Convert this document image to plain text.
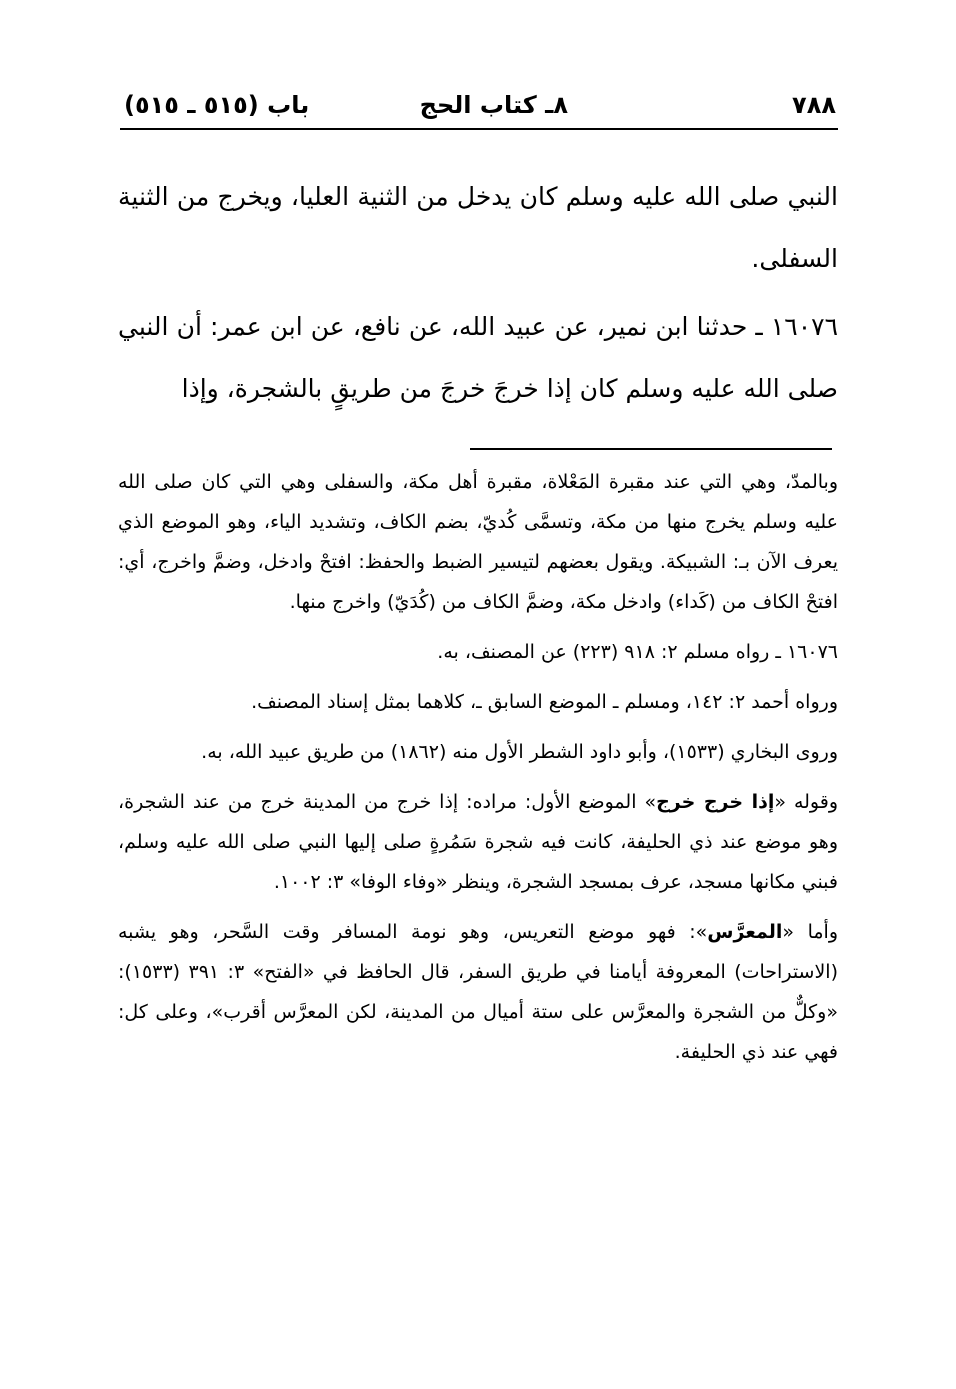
باب (٥١٥ ـ ٥١٥)	٨ـ كتاب الحج	٧٨٨

النبي صلى الله عليه وسلم كان يدخل من الثنية العليا، ويخرج من الثنية السفلى.

١٦٠٧٦ ـ حدثنا ابن نمير، عن عبيد الله، عن نافع، عن ابن عمر: أن النبي صلى الله عليه وسلم كان إذا خرجَ خرجَ من طريقٍ بالشجرة، وإذا

وبالمدّ، وهي التي عند مقبرة المَعْلاة، مقبرة أهل مكة، والسفلى وهي التي كان صلى الله عليه وسلم يخرج منها من مكة، وتسمَّى كُديّ، بضم الكاف، وتشديد الياء، وهو الموضع الذي يعرف الآن بـ: الشبيكة. ويقول بعضهم لتيسير الضبط والحفظ: افتحْ وادخل، وضمَّ واخرج، أي: افتحْ الكاف من (كَداء) وادخل مكة، وضمَّ الكاف من (كُدَيّ) واخرج منها.

١٦٠٧٦ ـ رواه مسلم ٢: ٩١٨ (٢٢٣) عن المصنف، به.

ورواه أحمد ٢: ١٤٢، ومسلم ـ الموضع السابق ـ، كلاهما بمثل إسناد المصنف.

وروى البخاري (١٥٣٣)، وأبو داود الشطر الأول منه (١٨٦٢) من طريق عبيد الله، به.

وقوله «إذا خرج خرج» الموضع الأول: مراده: إذا خرج من المدينة خرج من عند الشجرة، وهو موضع عند ذي الحليفة، كانت فيه شجرة سَمُرةٍ صلى إليها النبي صلى الله عليه وسلم، فبني مكانها مسجد، عرف بمسجد الشجرة، وينظر «وفاء الوفا» ٣: ١٠٠٢.

وأما «المعرَّس»: فهو موضع التعريس، وهو نومة المسافر وقت السَّحر، وهو يشبه (الاستراحات) المعروفة أيامنا في طريق السفر، قال الحافظ في «الفتح» ٣: ٣٩١ (١٥٣٣): «وكلٌّ من الشجرة والمعرَّس على ستة أميال من المدينة، لكن المعرَّس أقرب»، وعلى كل: فهي عند ذي الحليفة.
